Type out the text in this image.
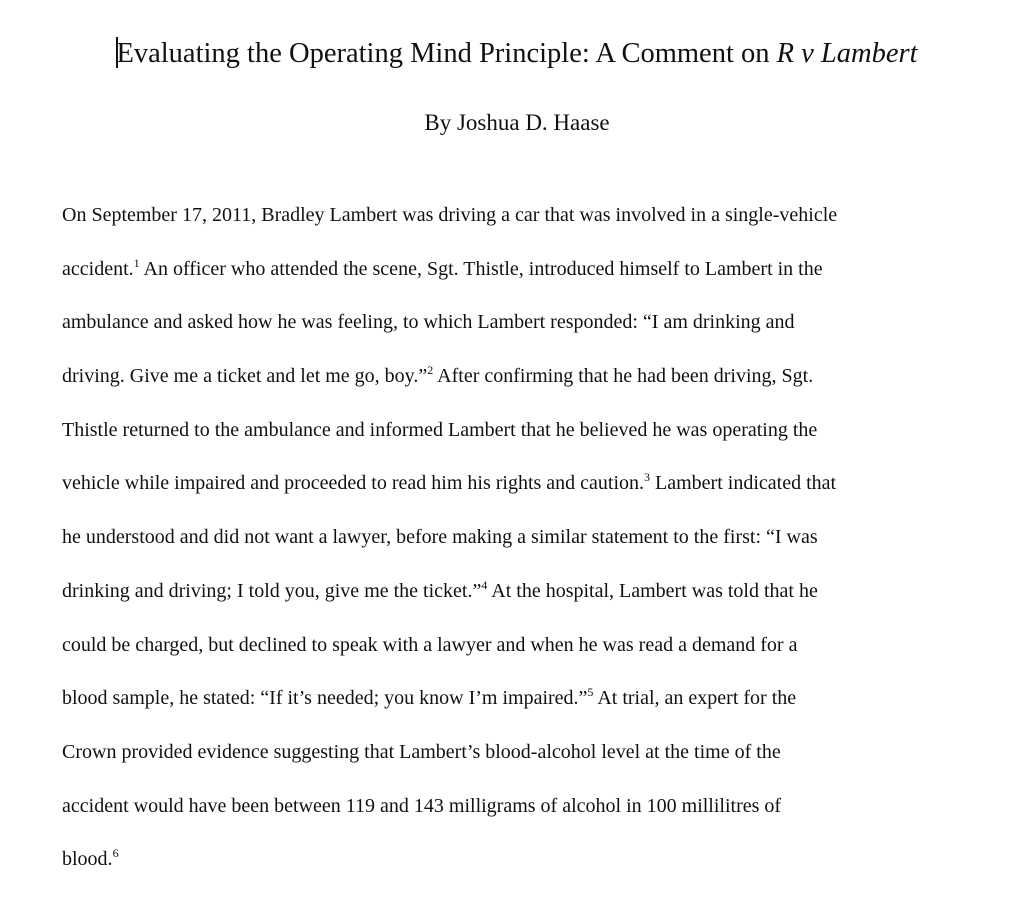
Evaluating the Operating Mind Principle: A Comment on R v Lambert
By Joshua D. Haase
On September 17, 2011, Bradley Lambert was driving a car that was involved in a single-vehicle
accident.$^1$ An officer who attended the scene, Sgt. Thistle, introduced himself to Lambert in the
ambulance and asked how he was feeling, to which Lambert responded: “I am drinking and
driving. Give me a ticket and let me go, boy.”$^2$ After confirming that he had been driving, Sgt.
Thistle returned to the ambulance and informed Lambert that he believed he was operating the
vehicle while impaired and proceeded to read him his rights and caution.$^3$ Lambert indicated that
he understood and did not want a lawyer, before making a similar statement to the first: “I was
drinking and driving; I told you, give me the ticket.”$^4$ At the hospital, Lambert was told that he
could be charged, but declined to speak with a lawyer and when he was read a demand for a
blood sample, he stated: “If it’s needed; you know I’m impaired.”$^5$ At trial, an expert for the
Crown provided evidence suggesting that Lambert’s blood-alcohol level at the time of the
accident would have been between 119 and 143 milligrams of alcohol in 100 millilitres of
blood.$^6$
